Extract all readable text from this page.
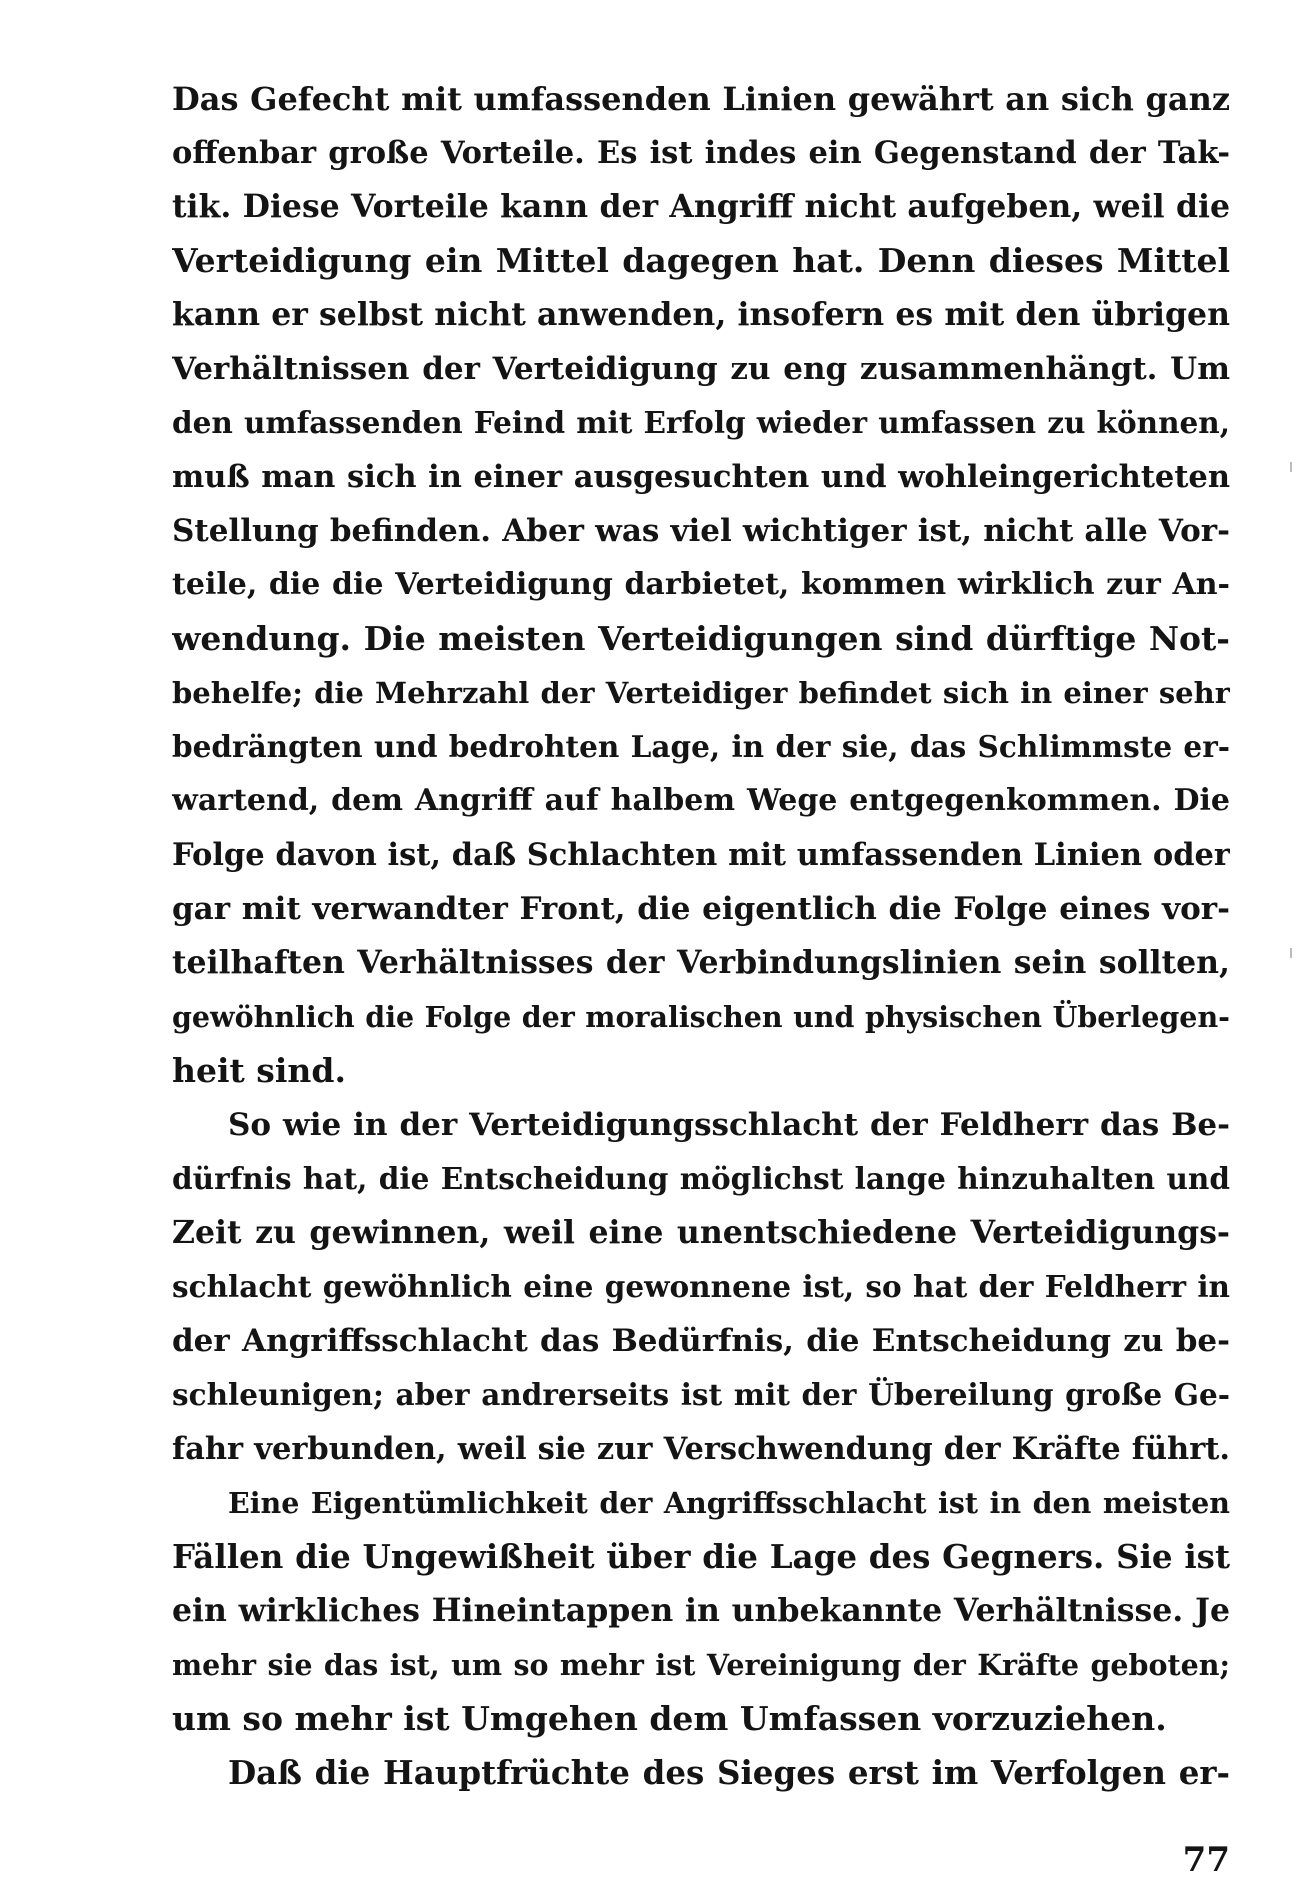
Das Gefecht mit umfassenden Linien gewährt an sich ganz
offenbar große Vorteile. Es ist indes ein Gegenstand der Tak-
tik. Diese Vorteile kann der Angriff nicht aufgeben, weil die
Verteidigung ein Mittel dagegen hat. Denn dieses Mittel
kann er selbst nicht anwenden, insofern es mit den übrigen
Verhältnissen der Verteidigung zu eng zusammenhängt. Um
den umfassenden Feind mit Erfolg wieder umfassen zu können,
muß man sich in einer ausgesuchten und wohleingerichteten
Stellung befinden. Aber was viel wichtiger ist, nicht alle Vor-
teile, die die Verteidigung darbietet, kommen wirklich zur An-
wendung. Die meisten Verteidigungen sind dürftige Not-
behelfe; die Mehrzahl der Verteidiger befindet sich in einer sehr
bedrängten und bedrohten Lage, in der sie, das Schlimmste er-
wartend, dem Angriff auf halbem Wege entgegenkommen. Die
Folge davon ist, daß Schlachten mit umfassenden Linien oder
gar mit verwandter Front, die eigentlich die Folge eines vor-
teilhaften Verhältnisses der Verbindungslinien sein sollten,
gewöhnlich die Folge der moralischen und physischen Überlegen-
heit sind.
So wie in der Verteidigungsschlacht der Feldherr das Be-
dürfnis hat, die Entscheidung möglichst lange hinzuhalten und
Zeit zu gewinnen, weil eine unentschiedene Verteidigungs-
schlacht gewöhnlich eine gewonnene ist, so hat der Feldherr in
der Angriffsschlacht das Bedürfnis, die Entscheidung zu be-
schleunigen; aber andrerseits ist mit der Übereilung große Ge-
fahr verbunden, weil sie zur Verschwendung der Kräfte führt.
Eine Eigentümlichkeit der Angriffsschlacht ist in den meisten
Fällen die Ungewißheit über die Lage des Gegners. Sie ist
ein wirkliches Hineintappen in unbekannte Verhältnisse. Je
mehr sie das ist, um so mehr ist Vereinigung der Kräfte geboten;
um so mehr ist Umgehen dem Umfassen vorzuziehen.
Daß die Hauptfrüchte des Sieges erst im Verfolgen er-
77
